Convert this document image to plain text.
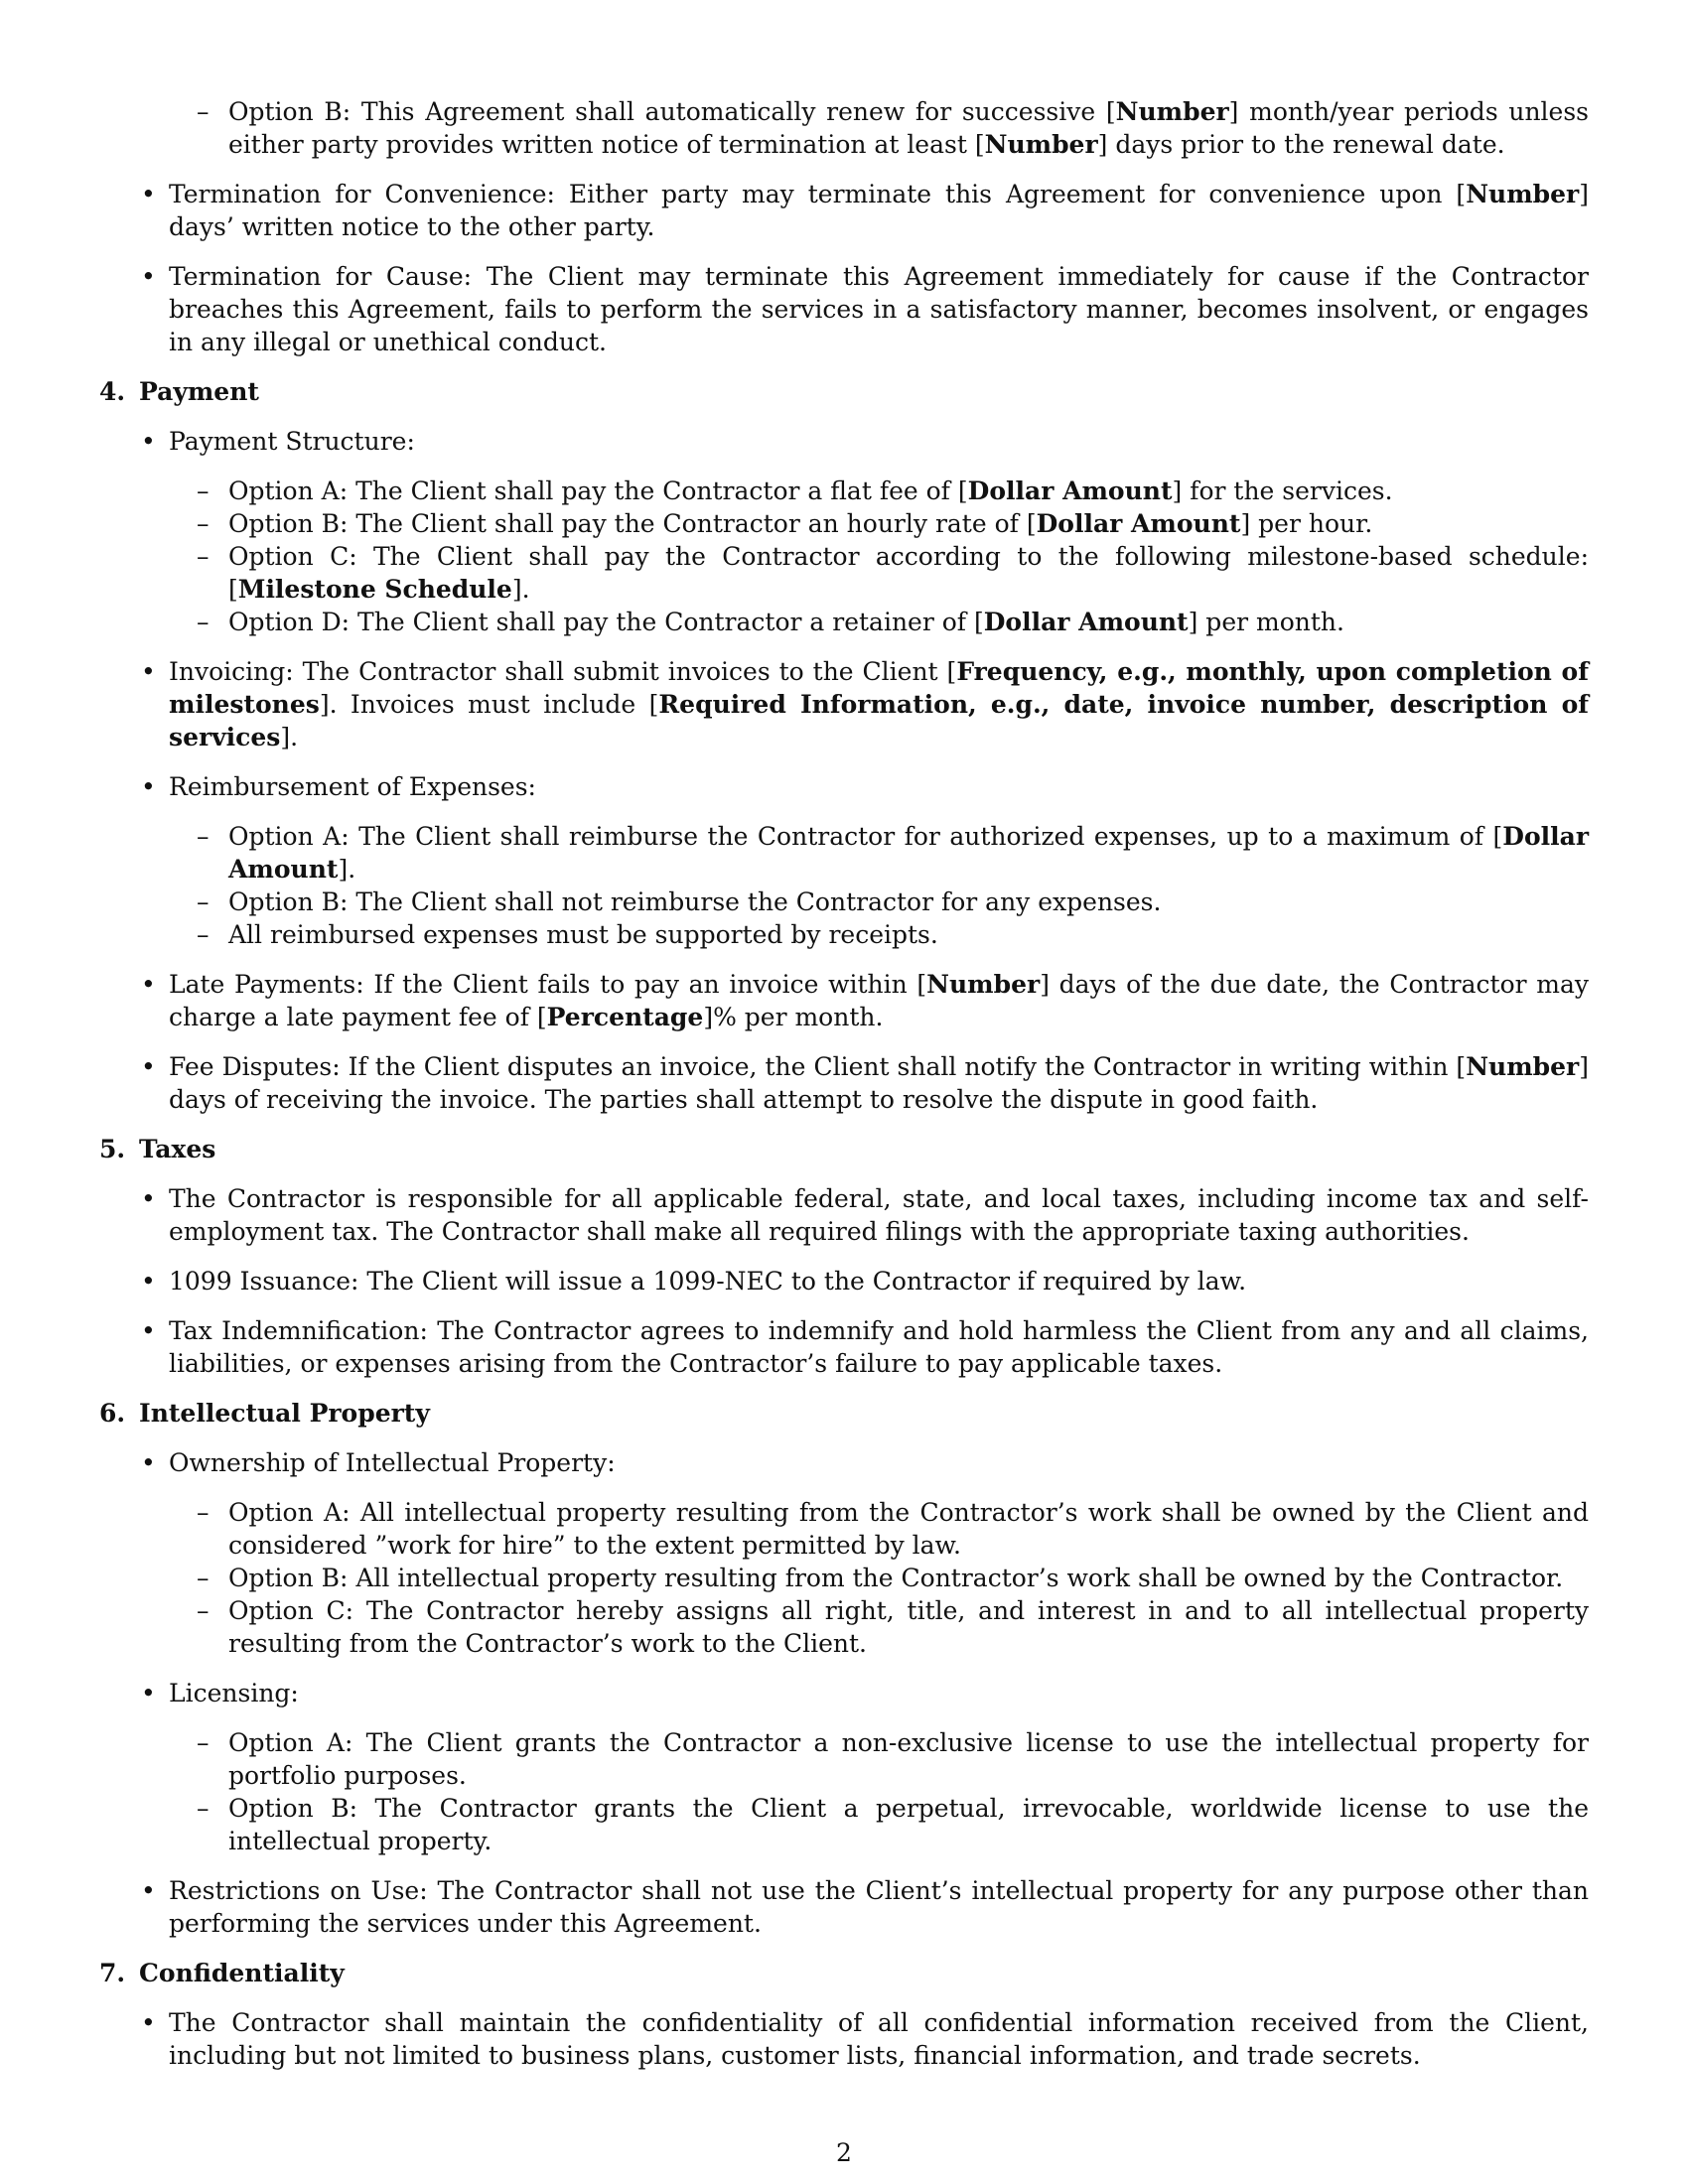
– Option B: This Agreement shall automatically renew for successive [Number] month/year periods unless either party provides written notice of termination at least [Number] days prior to the renewal date.
• Termination for Convenience: Either party may terminate this Agreement for convenience upon [Number] days’ written notice to the other party.
• Termination for Cause: The Client may terminate this Agreement immediately for cause if the Contractor breaches this Agreement, fails to perform the services in a satisfactory manner, becomes insolvent, or engages in any illegal or unethical conduct.
4. Payment
• Payment Structure:
– Option A: The Client shall pay the Contractor a flat fee of [Dollar Amount] for the services.
– Option B: The Client shall pay the Contractor an hourly rate of [Dollar Amount] per hour.
– Option C: The Client shall pay the Contractor according to the following milestone-based schedule: [Milestone Schedule].
– Option D: The Client shall pay the Contractor a retainer of [Dollar Amount] per month.
• Invoicing: The Contractor shall submit invoices to the Client [Frequency, e.g., monthly, upon completion of milestones]. Invoices must include [Required Information, e.g., date, invoice number, description of services].
• Reimbursement of Expenses:
– Option A: The Client shall reimburse the Contractor for authorized expenses, up to a maximum of [Dollar Amount].
– Option B: The Client shall not reimburse the Contractor for any expenses.
– All reimbursed expenses must be supported by receipts.
• Late Payments: If the Client fails to pay an invoice within [Number] days of the due date, the Contractor may charge a late payment fee of [Percentage]% per month.
• Fee Disputes: If the Client disputes an invoice, the Client shall notify the Contractor in writing within [Number] days of receiving the invoice. The parties shall attempt to resolve the dispute in good faith.
5. Taxes
• The Contractor is responsible for all applicable federal, state, and local taxes, including income tax and self-employment tax. The Contractor shall make all required filings with the appropriate taxing authorities.
• 1099 Issuance: The Client will issue a 1099-NEC to the Contractor if required by law.
• Tax Indemnification: The Contractor agrees to indemnify and hold harmless the Client from any and all claims, liabilities, or expenses arising from the Contractor’s failure to pay applicable taxes.
6. Intellectual Property
• Ownership of Intellectual Property:
– Option A: All intellectual property resulting from the Contractor’s work shall be owned by the Client and considered ”work for hire” to the extent permitted by law.
– Option B: All intellectual property resulting from the Contractor’s work shall be owned by the Contractor.
– Option C: The Contractor hereby assigns all right, title, and interest in and to all intellectual property resulting from the Contractor’s work to the Client.
• Licensing:
– Option A: The Client grants the Contractor a non-exclusive license to use the intellectual property for portfolio purposes.
– Option B: The Contractor grants the Client a perpetual, irrevocable, worldwide license to use the intellectual property.
• Restrictions on Use: The Contractor shall not use the Client’s intellectual property for any purpose other than performing the services under this Agreement.
7. Confidentiality
• The Contractor shall maintain the confidentiality of all confidential information received from the Client, including but not limited to business plans, customer lists, financial information, and trade secrets.
2
